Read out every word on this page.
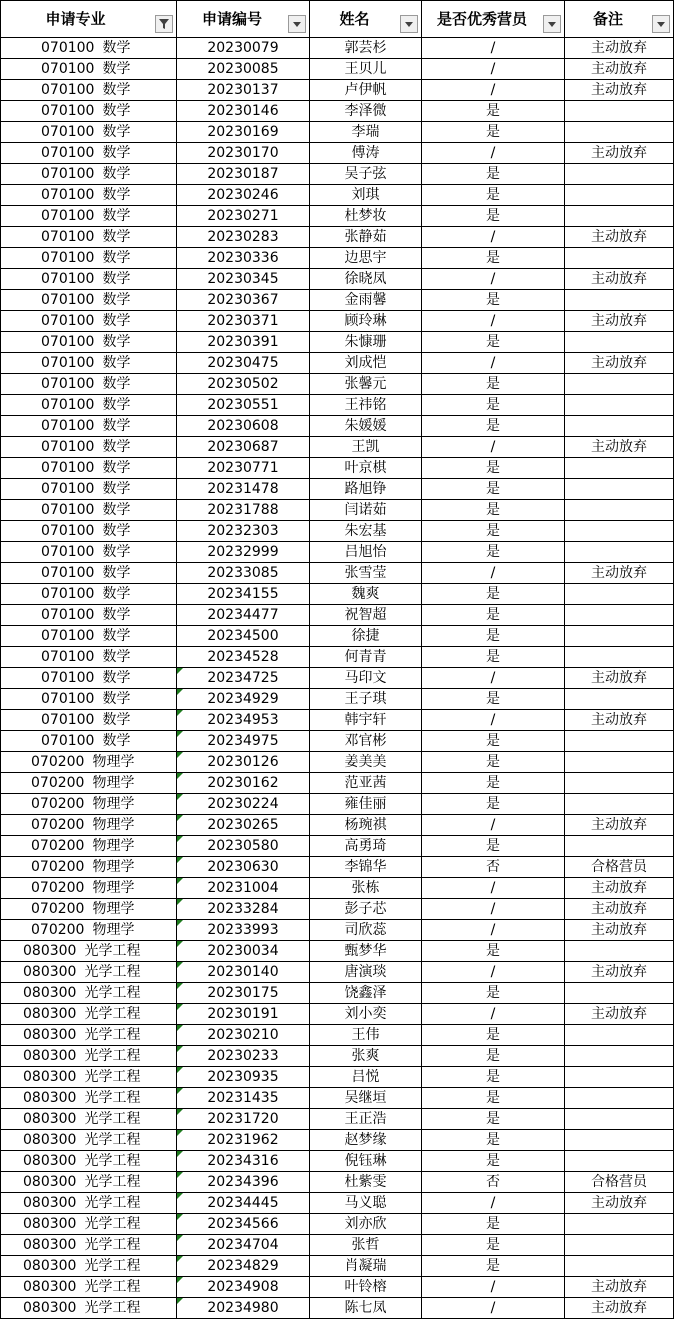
申请专业	申请编号	姓名	是否优秀营员	备注
070100 数学	20230079	郭芸杉	/	主动放弃
070100 数学	20230085	王贝儿	/	主动放弃
070100 数学	20230137	卢伊帆	/	主动放弃
070100 数学	20230146	李泽微	是
070100 数学	20230169	李瑞	是
070100 数学	20230170	傅涛	/	主动放弃
070100 数学	20230187	吴子弦	是
070100 数学	20230246	刘琪	是
070100 数学	20230271	杜梦妆	是
070100 数学	20230283	张静茹	/	主动放弃
070100 数学	20230336	边思宇	是
070100 数学	20230345	徐晓凤	/	主动放弃
070100 数学	20230367	金雨馨	是
070100 数学	20230371	顾玲琳	/	主动放弃
070100 数学	20230391	朱慷珊	是
070100 数学	20230475	刘成恺	/	主动放弃
070100 数学	20230502	张馨元	是
070100 数学	20230551	王祎铭	是
070100 数学	20230608	朱媛媛	是
070100 数学	20230687	王凯	/	主动放弃
070100 数学	20230771	叶京棋	是
070100 数学	20231478	路旭铮	是
070100 数学	20231788	闫诺茹	是
070100 数学	20232303	朱宏基	是
070100 数学	20232999	吕旭怡	是
070100 数学	20233085	张雪莹	/	主动放弃
070100 数学	20234155	魏爽	是
070100 数学	20234477	祝智超	是
070100 数学	20234500	徐捷	是
070100 数学	20234528	何青青	是
070100 数学	20234725	马印文	/	主动放弃
070100 数学	20234929	王子琪	是
070100 数学	20234953	韩宇轩	/	主动放弃
070100 数学	20234975	邓官彬	是
070200 物理学	20230126	姜美美	是
070200 物理学	20230162	范亚茜	是
070200 物理学	20230224	雍佳丽	是
070200 物理学	20230265	杨琬祺	/	主动放弃
070200 物理学	20230580	高勇琦	是
070200 物理学	20230630	李锦华	否	合格营员
070200 物理学	20231004	张栋	/	主动放弃
070200 物理学	20233284	彭子芯	/	主动放弃
070200 物理学	20233993	司欣蕊	/	主动放弃
080300 光学工程	20230034	甄梦华	是
080300 光学工程	20230140	唐演琰	/	主动放弃
080300 光学工程	20230175	饶鑫泽	是
080300 光学工程	20230191	刘小奕	/	主动放弃
080300 光学工程	20230210	王伟	是
080300 光学工程	20230233	张爽	是
080300 光学工程	20230935	吕悦	是
080300 光学工程	20231435	吴继垣	是
080300 光学工程	20231720	王正浩	是
080300 光学工程	20231962	赵梦缘	是
080300 光学工程	20234316	倪钰琳	是
080300 光学工程	20234396	杜紫雯	否	合格营员
080300 光学工程	20234445	马义聪	/	主动放弃
080300 光学工程	20234566	刘亦欣	是
080300 光学工程	20234704	张哲	是
080300 光学工程	20234829	肖凝瑞	是
080300 光学工程	20234908	叶铃榕	/	主动放弃
080300 光学工程	20234980	陈七凤	/	主动放弃
